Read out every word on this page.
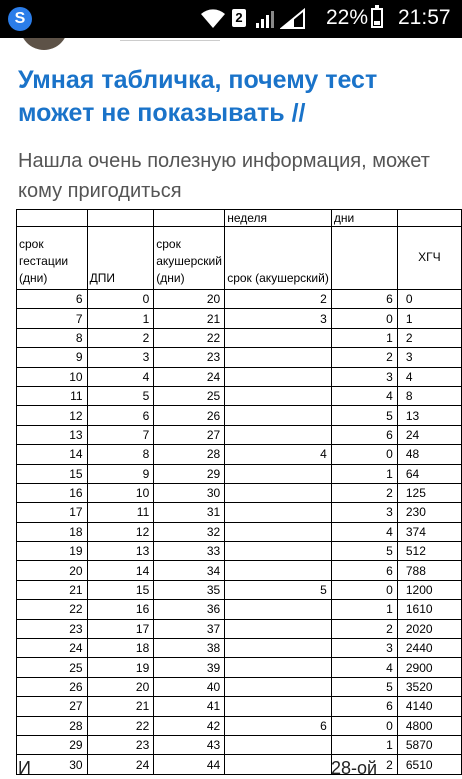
S	2	22% 21:57
Умная табличка, почему тест может не показывать //
Нашла очень полезную информация, может кому пригодиться
			неделя	дни	
срок гестации (дни)	ДПИ	срок акушерский (дни)	срок (акушерский)		ХГЧ
6	0	20	2	6	0
7	1	21	3	0	1
8	2	22		1	2
9	3	23		2	3
10	4	24		3	4
11	5	25		4	8
12	6	26		5	13
13	7	27		6	24
14	8	28	4	0	48
15	9	29		1	64
16	10	30		2	125
17	11	31		3	230
18	12	32		4	374
19	13	33		5	512
20	14	34		6	788
21	15	35	5	0	1200
22	16	36		1	1610
23	17	37		2	2020
24	18	38		3	2440
25	19	39		4	2900
26	20	40		5	3520
27	21	41		6	4140
28	22	42	6	0	4800
29	23	43		1	5870
30	24	44		2	6510
И	28-ой
